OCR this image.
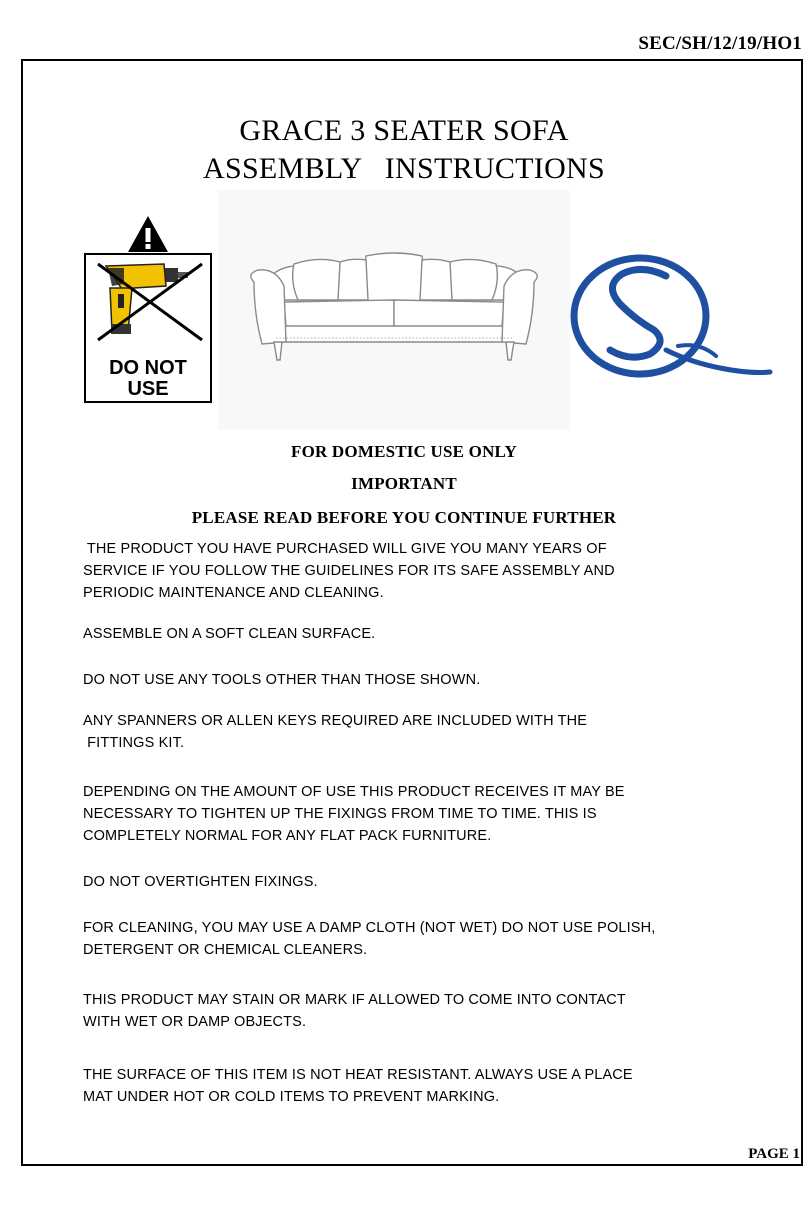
SEC/SH/12/19/HO1
GRACE 3 SEATER SOFA
ASSEMBLY   INSTRUCTIONS
DO NOT
USE
FOR DOMESTIC USE ONLY
IMPORTANT
PLEASE READ BEFORE YOU CONTINUE FURTHER
THE PRODUCT YOU HAVE PURCHASED WILL GIVE YOU MANY YEARS OF
SERVICE IF YOU FOLLOW THE GUIDELINES FOR ITS SAFE ASSEMBLY AND
PERIODIC MAINTENANCE AND CLEANING.
ASSEMBLE ON A SOFT CLEAN SURFACE.
DO NOT USE ANY TOOLS OTHER THAN THOSE SHOWN.
ANY SPANNERS OR ALLEN KEYS REQUIRED ARE INCLUDED WITH THE
FITTINGS KIT.
DEPENDING ON THE AMOUNT OF USE THIS PRODUCT RECEIVES IT MAY BE
NECESSARY TO TIGHTEN UP THE FIXINGS FROM TIME TO TIME. THIS IS
COMPLETELY NORMAL FOR ANY FLAT PACK FURNITURE.
DO NOT OVERTIGHTEN FIXINGS.
FOR CLEANING, YOU MAY USE A DAMP CLOTH (NOT WET) DO NOT USE POLISH,
DETERGENT OR CHEMICAL CLEANERS.
THIS PRODUCT MAY STAIN OR MARK IF ALLOWED TO COME INTO CONTACT
WITH WET OR DAMP OBJECTS.
THE SURFACE OF THIS ITEM IS NOT HEAT RESISTANT. ALWAYS USE A PLACE
MAT UNDER HOT OR COLD ITEMS TO PREVENT MARKING.
PAGE 1
